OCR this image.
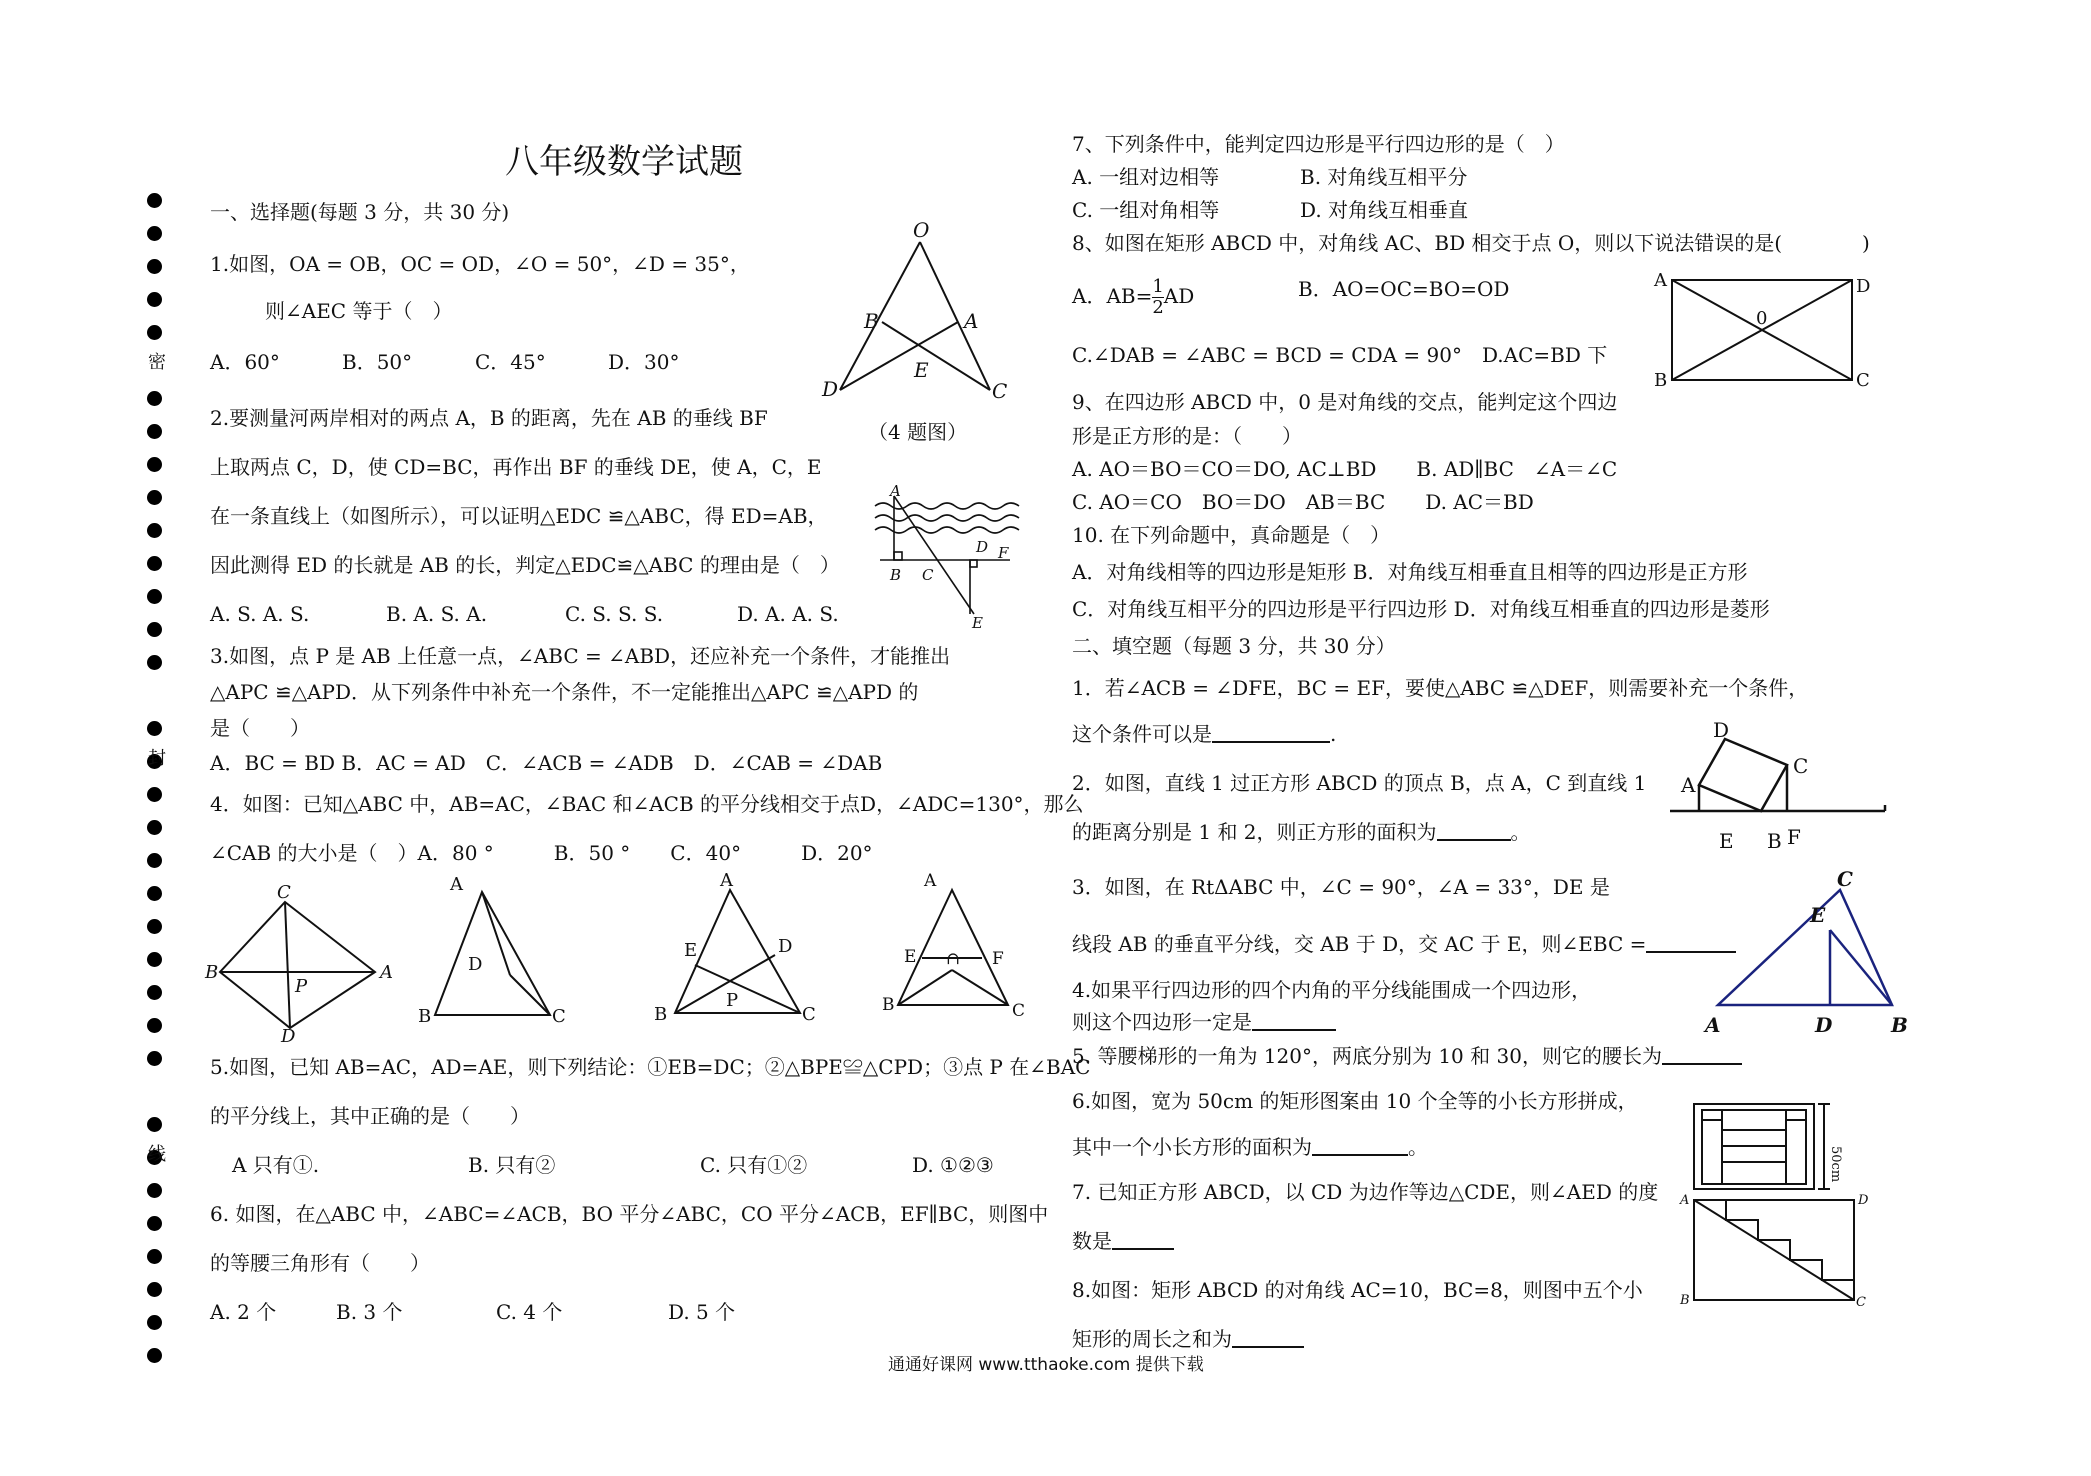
密
封
线
八年级数学试题
一、选择题(每题 3 分，共 30 分)
1.如图，OA = OB，OC = OD，∠O = 50°，∠D = 35°，
则∠AEC 等于（　）
A．60°	B．50°	C．45°	D．30°
2.要测量河两岸相对的两点 A，B 的距离，先在 AB 的垂线 BF
上取两点 C，D，使 CD=BC，再作出 BF 的垂线 DE，使 A，C，E
在一条直线上（如图所示），可以证明△EDC ≌△ABC，得 ED=AB，
因此测得 ED 的长就是 AB 的长，判定△EDC≌△ABC 的理由是（　）
A. S. A. S.	B. A. S. A.	C. S. S. S.	D. A. A. S.
3.如图，点 P 是 AB 上任意一点，∠ABC = ∠ABD，还应补充一个条件，才能推出
△APC ≌△APD．从下列条件中补充一个条件，不一定能推出△APC ≌△APD 的
是（　　）
A．BC = BD B．AC = AD　C．∠ACB = ∠ADB　D．∠CAB = ∠DAB
4．如图：已知△ABC 中，AB=AC，∠BAC 和∠ACB 的平分线相交于点D，∠ADC=130°，那么
∠CAB 的大小是（　）A．80 °　　　B．50 °　　C．40°　　　D．20°
5.如图，已知 AB=AC，AD=AE，则下列结论：①EB=DC；②△BPE≌△CPD；③点 P 在∠BAC
的平分线上，其中正确的是（　　）
A 只有①.	B. 只有②	C. 只有①②	D. ①②③
6. 如图，在△ABC 中，∠ABC=∠ACB，BO 平分∠ABC，CO 平分∠ACB，EF∥BC，则图中
的等腰三角形有（　　）
A. 2 个	B. 3 个	C. 4 个	D. 5 个
O
B	A
E
D	C
（4 题图）
A
B C
D F
E
C
B	A
P
D
A
B	C
D
A
B	C
E	D
P
A
B	C
E	F
∩
7、下列条件中，能判定四边形是平行四边形的是（　）
A. 一组对边相等	B. 对角线互相平分
C. 一组对角相等	D. 对角线互相垂直
8、如图在矩形 ABCD 中，对角线 AC、BD 相交于点 O，则以下说法错误的是(　　　　)
A．$AB= \frac{1}{2}$ AD	B．AO=OC=BO=OD
C.∠DAB = ∠ABC = BCD = CDA = 90°　D.AC=BD 下
A	D
B	C
0
9、在四边形 ABCD 中，0 是对角线的交点，能判定这个四边
形是正方形的是：（　　）
A. AO＝BO＝CO＝DO, AC⊥BD　　B. AD∥BC　∠A＝∠C
C. AO＝CO　BO＝DO　AB＝BC　　D. AC＝BD
10. 在下列命题中，真命题是（　）
A．对角线相等的四边形是矩形 B．对角线互相垂直且相等的四边形是正方形
C．对角线互相平分的四边形是平行四边形 D．对角线互相垂直的四边形是菱形
二、填空题（每题 3 分，共 30 分）
1．若∠ACB = ∠DFE，BC = EF，要使△ABC ≌△DEF，则需要补充一个条件，
这个条件可以是	.
2．如图，直线 1 过正方形 ABCD 的顶点 B，点 A，C 到直线 1
的距离分别是 1 和 2，则正方形的面积为	。
D
C
A
E B F
3．如图，在 RtΔABC 中，∠C = 90°，∠A = 33°，DE 是
线段 AB 的垂直平分线，交 AB 于 D，交 AC 于 E，则∠EBC =
A	D	B
E
C
4.如果平行四边形的四个内角的平分线能围成一个四边形，
则这个四边形一定是
5. 等腰梯形的一角为 120°，两底分别为 10 和 30，则它的腰长为
6.如图，宽为 50cm 的矩形图案由 10 个全等的小长方形拼成，
其中一个小长方形的面积为	。	50cm
7. 已知正方形 ABCD，以 CD 为边作等边△CDE，则∠AED 的度
数是
8.如图：矩形 ABCD 的对角线 AC=10，BC=8，则图中五个小
矩形的周长之和为
A	D
B	C
通通好课网 www.tthaoke.com 提供下载
